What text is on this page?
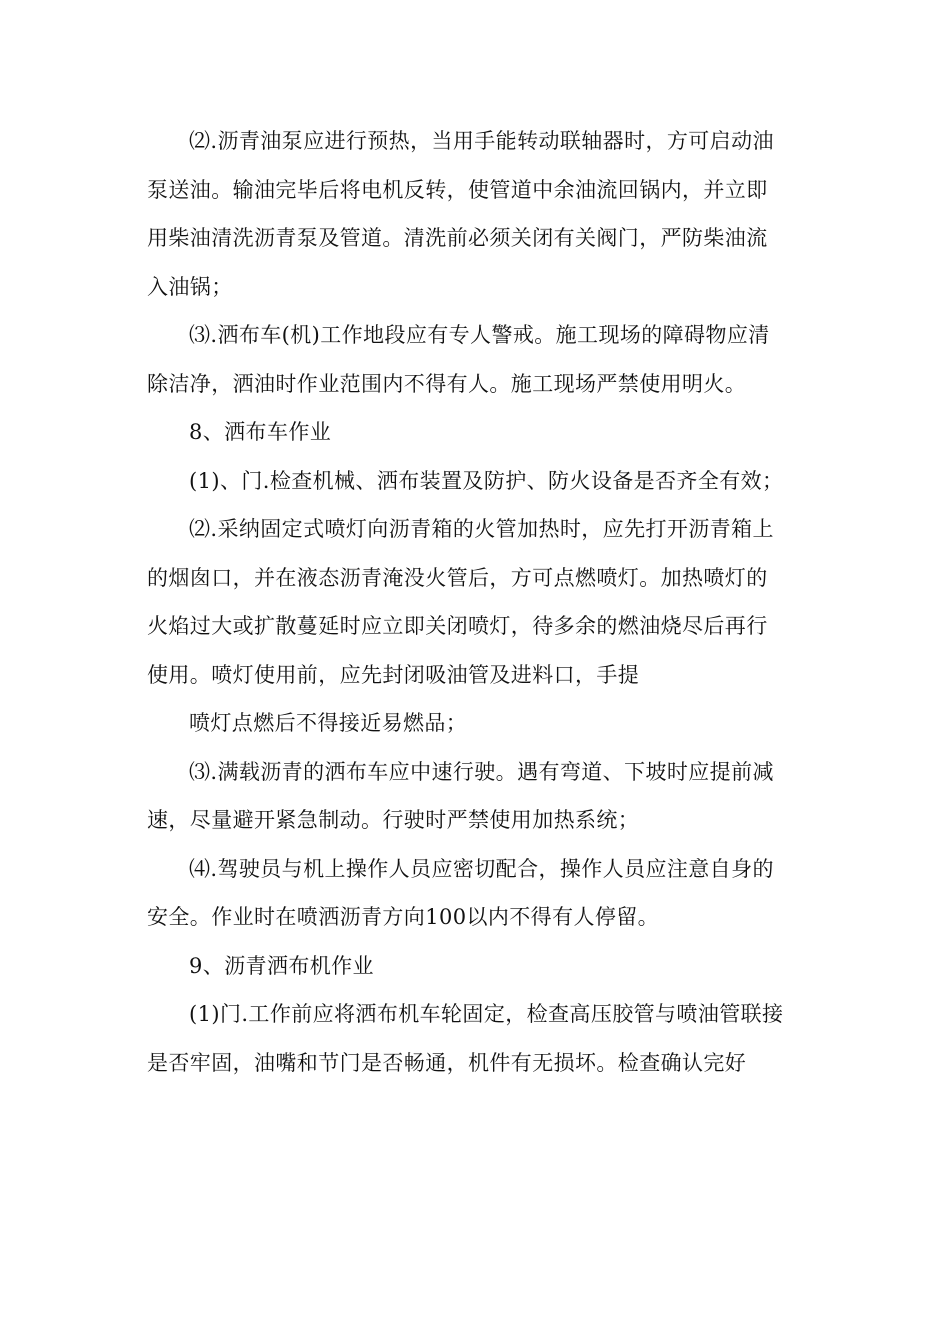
⑵.沥青油泵应进行预热，当用手能转动联轴器时，方可启动油
泵送油。输油完毕后将电机反转，使管道中余油流回锅内，并立即
用柴油清洗沥青泵及管道。清洗前必须关闭有关阀门，严防柴油流
入油锅；
⑶.洒布车(机)工作地段应有专人警戒。施工现场的障碍物应清
除洁净，洒油时作业范围内不得有人。施工现场严禁使用明火。
8、洒布车作业
(1)、门.检查机械、洒布装置及防护、防火设备是否齐全有效；
⑵.采纳固定式喷灯向沥青箱的火管加热时，应先打开沥青箱上
的烟囱口，并在液态沥青淹没火管后，方可点燃喷灯。加热喷灯的
火焰过大或扩散蔓延时应立即关闭喷灯，待多余的燃油烧尽后再行
使用。喷灯使用前，应先封闭吸油管及进料口，手提
喷灯点燃后不得接近易燃品；
⑶.满载沥青的洒布车应中速行驶。遇有弯道、下坡时应提前减
速，尽量避开紧急制动。行驶时严禁使用加热系统；
⑷.驾驶员与机上操作人员应密切配合，操作人员应注意自身的
安全。作业时在喷洒沥青方向100以内不得有人停留。
9、沥青洒布机作业
(1)门.工作前应将洒布机车轮固定，检查高压胶管与喷油管联接
是否牢固，油嘴和节门是否畅通，机件有无损坏。检查确认完好
